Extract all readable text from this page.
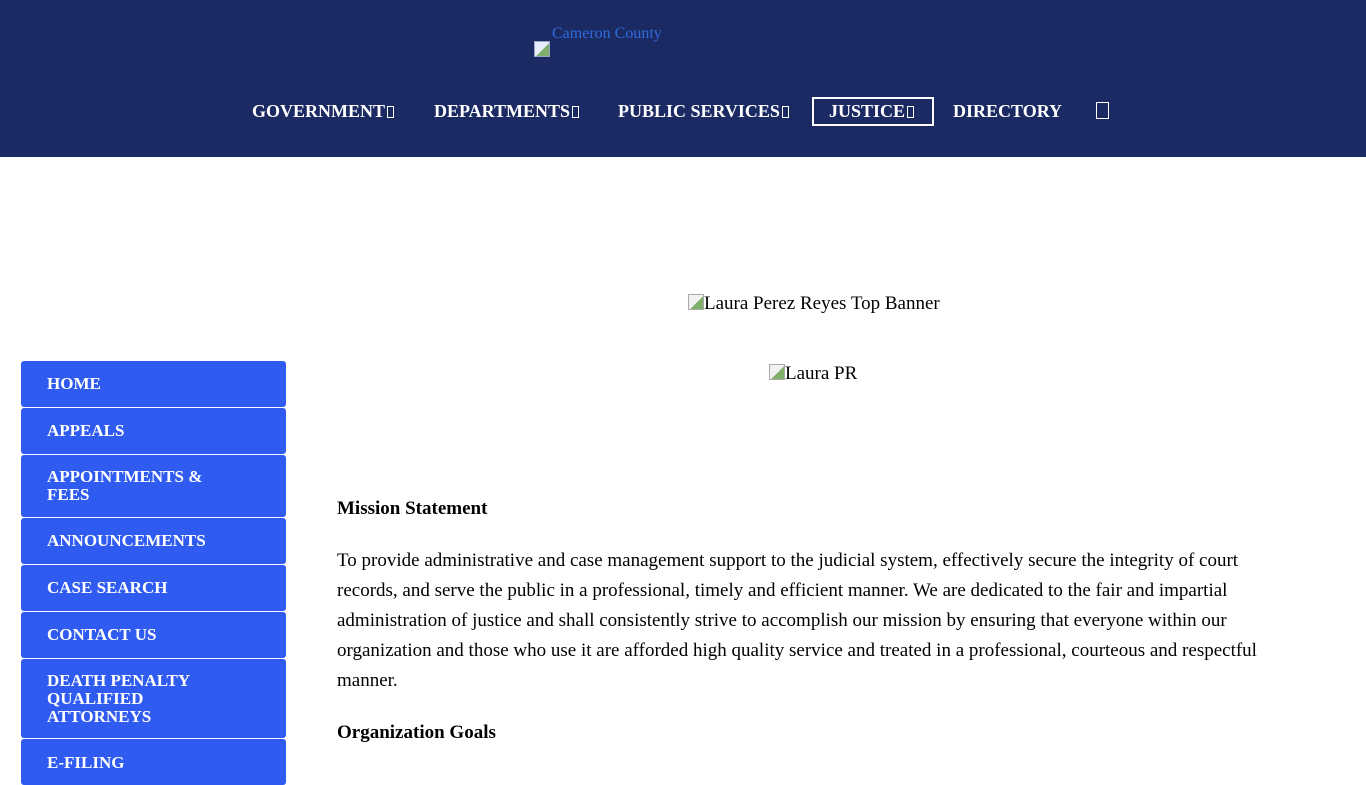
Cameron County
GOVERNMENT	DEPARTMENTS	PUBLIC SERVICES	JUSTICE	DIRECTORY
HOME
APPEALS
APPOINTMENTS & FEES
ANNOUNCEMENTS
CASE SEARCH
CONTACT US
DEATH PENALTY QUALIFIED ATTORNEYS
E-FILING
Laura Perez Reyes Top Banner
Laura PR
Mission Statement
To provide administrative and case management support to the judicial system, effectively secure the integrity of court records, and serve the public in a professional, timely and efficient manner. We are dedicated to the fair and impartial administration of justice and shall consistently strive to accomplish our mission by ensuring that everyone within our organization and those who use it are afforded high quality service and treated in a professional, courteous and respectful manner.
Organization Goals
